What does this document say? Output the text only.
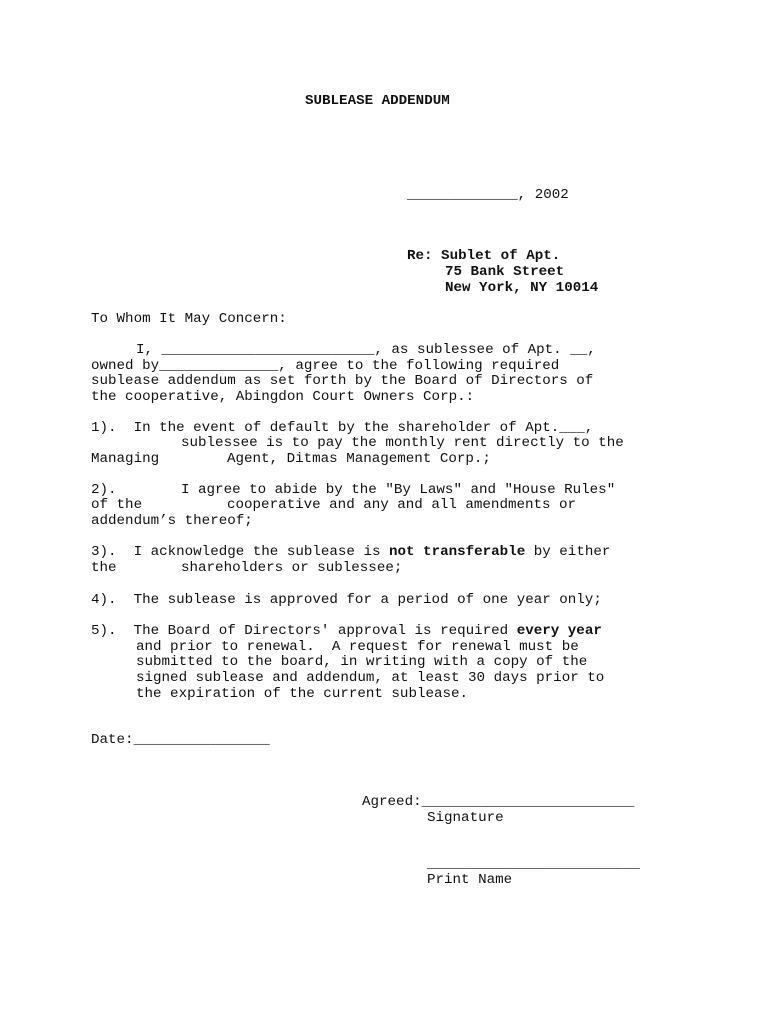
SUBLEASE ADDENDUM
_____________, 2002
Re: Sublet of Apt.
75 Bank Street
New York, NY 10014
To Whom It May Concern:
I, _________________________, as sublessee of Apt. __,
owned by______________, agree to the following required
sublease addendum as set forth by the Board of Directors of
the cooperative, Abingdon Court Owners Corp.:
1).  In the event of default by the shareholder of Apt.___,
sublessee is to pay the monthly rent directly to the
Managing	Agent, Ditmas Management Corp.;
2).	I agree to abide by the "By Laws" and "House Rules"
of the	cooperative and any and all amendments or
addendum’s thereof;
3).  I acknowledge the sublease is not transferable by either
the	shareholders or sublessee;
4).  The sublease is approved for a period of one year only;
5).  The Board of Directors' approval is required every year
and prior to renewal.  A request for renewal must be
submitted to the board, in writing with a copy of the
signed sublease and addendum, at least 30 days prior to
the expiration of the current sublease.
Date:________________
Agreed:_________________________
Signature
_________________________
Print Name
